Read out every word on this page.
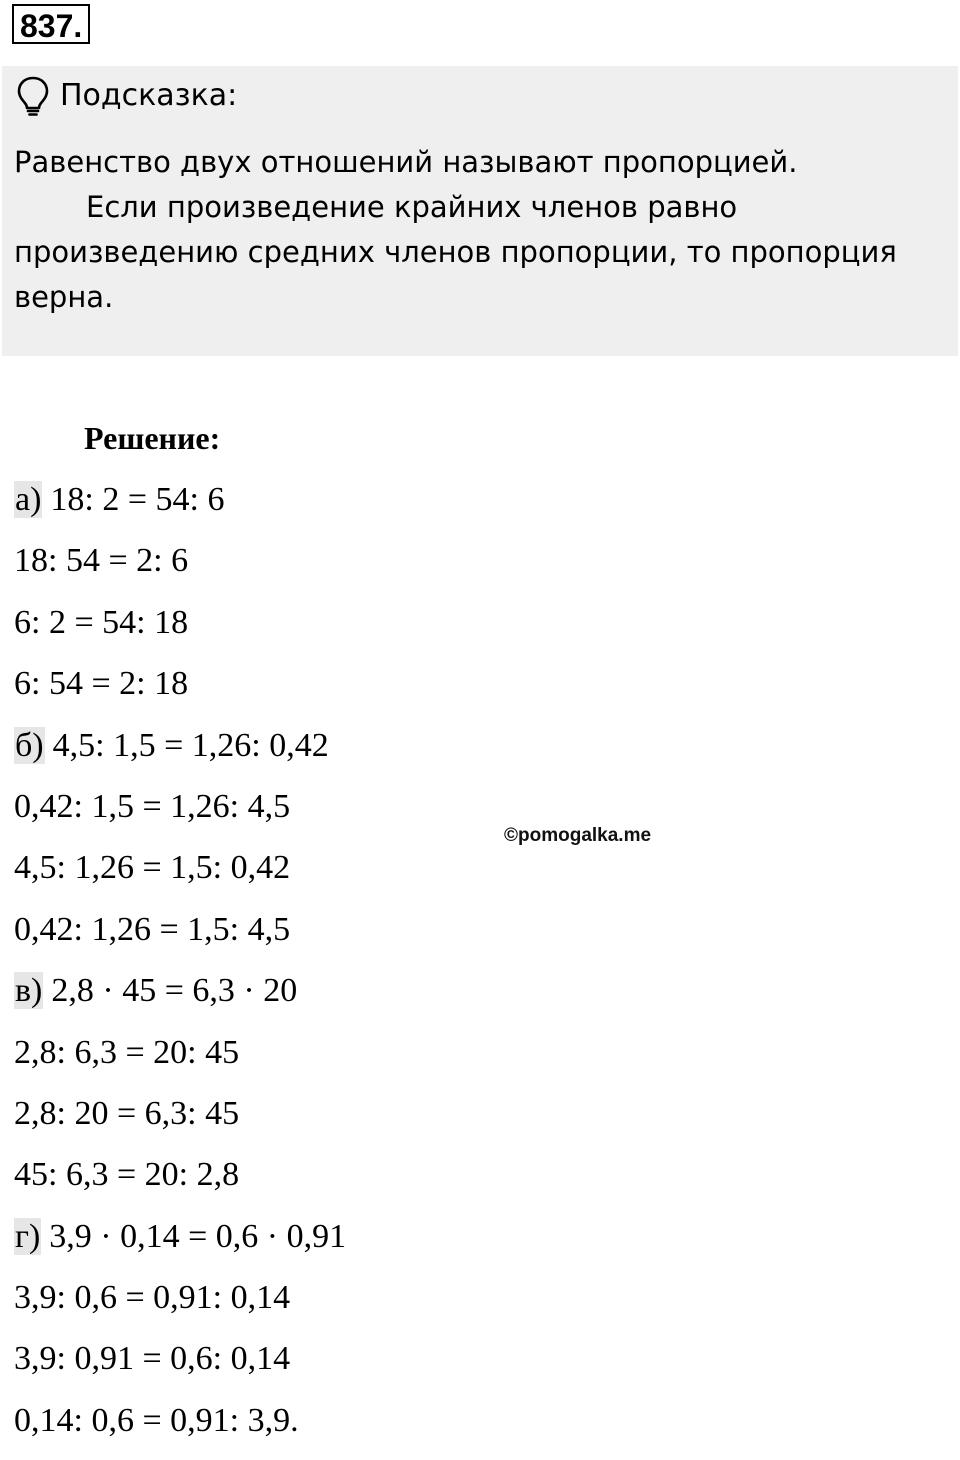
837.
Подсказка:
Равенство двух отношений называют пропорцией.
Если произведение крайних членов равно
произведению средних членов пропорции, то пропорция
верна.
Решение:
а) 18: 2 = 54: 6
18: 54 = 2: 6
6: 2 = 54: 18
6: 54 = 2: 18
б) 4,5: 1,5 = 1,26: 0,42
0,42: 1,5 = 1,26: 4,5
4,5: 1,26 = 1,5: 0,42
0,42: 1,26 = 1,5: 4,5
в) 2,8 · 45 = 6,3 · 20
2,8: 6,3 = 20: 45
2,8: 20 = 6,3: 45
45: 6,3 = 20: 2,8
г) 3,9 · 0,14 = 0,6 · 0,91
3,9: 0,6 = 0,91: 0,14
3,9: 0,91 = 0,6: 0,14
0,14: 0,6 = 0,91: 3,9.
©pomogalka.me
